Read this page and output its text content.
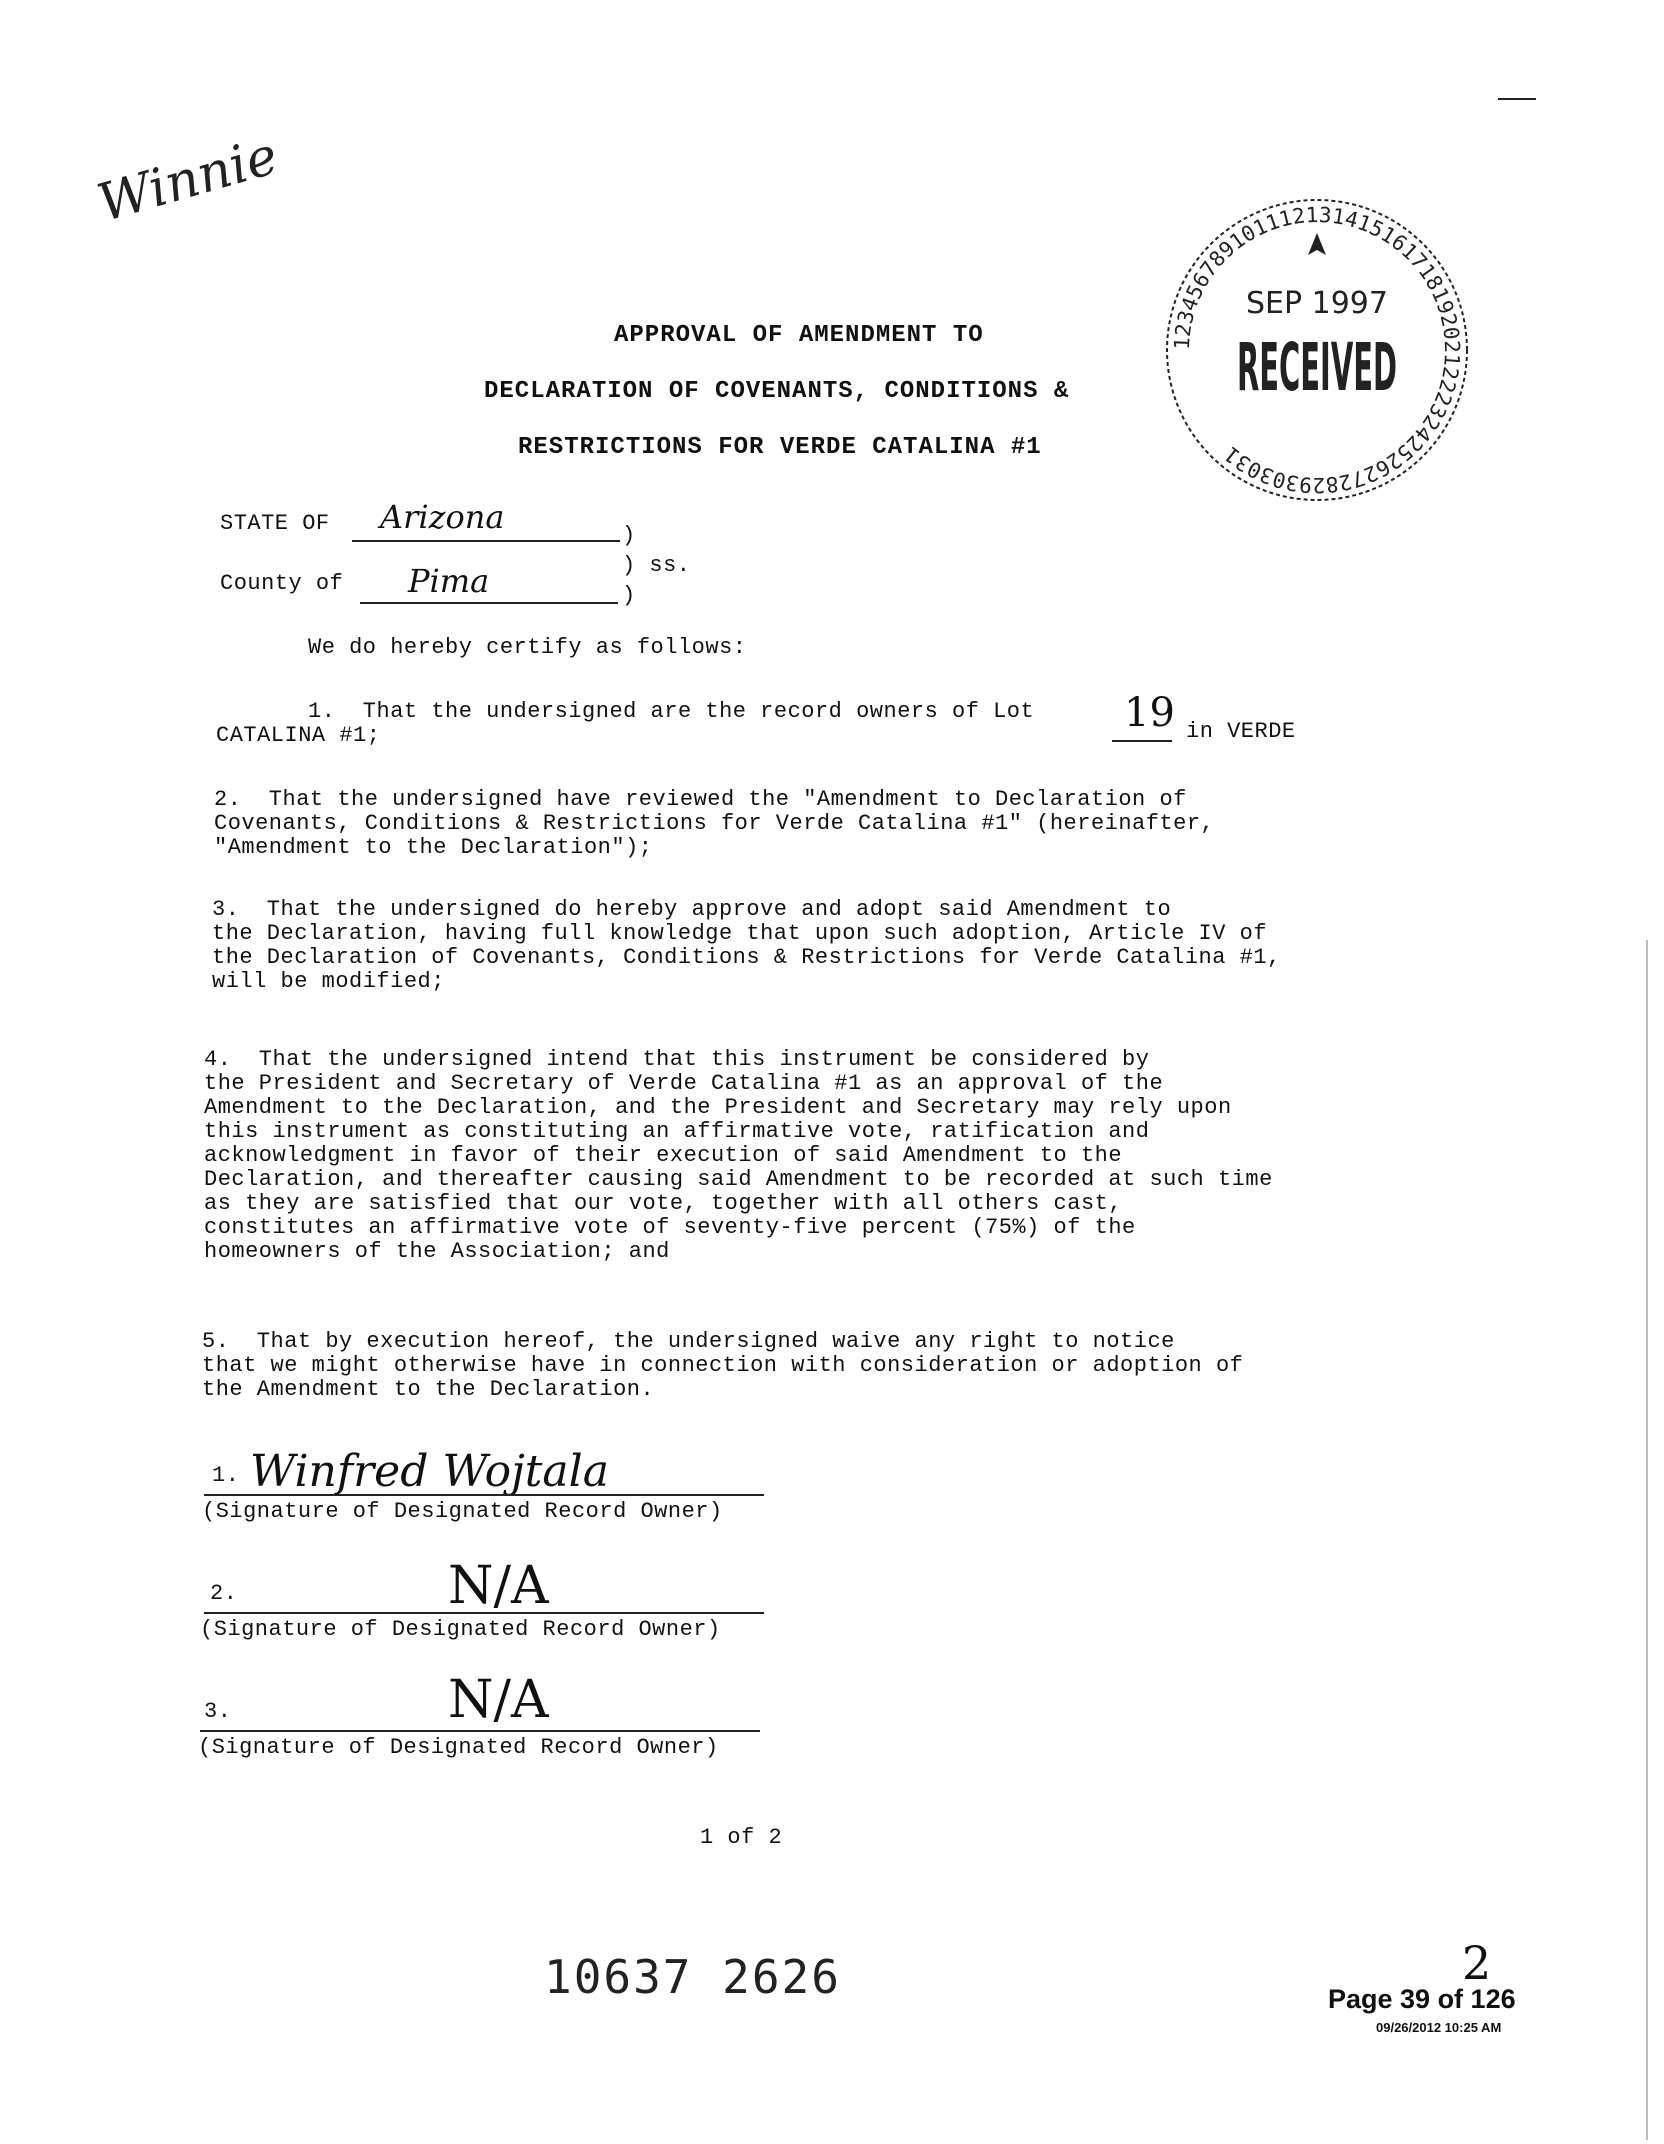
Winnie
1234567891011121314151617181920212223242526272829303031
SEP 1997
RECEIVED
APPROVAL OF AMENDMENT TO
DECLARATION OF COVENANTS, CONDITIONS &
RESTRICTIONS FOR VERDE CATALINA #1
STATE OF Arizona	)
) ss.
County of Pima	)
We do hereby certify as follows:
1.  That the undersigned are the record owners of Lot 19 in VERDE
CATALINA #1;
2.  That the undersigned have reviewed the "Amendment to Declaration of
Covenants, Conditions & Restrictions for Verde Catalina #1" (hereinafter,
"Amendment to the Declaration");
3.  That the undersigned do hereby approve and adopt said Amendment to
the Declaration, having full knowledge that upon such adoption, Article IV of
the Declaration of Covenants, Conditions & Restrictions for Verde Catalina #1,
will be modified;
4.  That the undersigned intend that this instrument be considered by
the President and Secretary of Verde Catalina #1 as an approval of the
Amendment to the Declaration, and the President and Secretary may rely upon
this instrument as constituting an affirmative vote, ratification and
acknowledgment in favor of their execution of said Amendment to the
Declaration, and thereafter causing said Amendment to be recorded at such time
as they are satisfied that our vote, together with all others cast,
constitutes an affirmative vote of seventy-five percent (75%) of the
homeowners of the Association; and
5.  That by execution hereof, the undersigned waive any right to notice
that we might otherwise have in connection with consideration or adoption of
the Amendment to the Declaration.
1. Winfred Wojtala
(Signature of Designated Record Owner)
2.	N/A
(Signature of Designated Record Owner)
3.	N/A
(Signature of Designated Record Owner)
1 of 2
10637 2626	Page 39 of 126
2
09/26/2012 10:25 AM
